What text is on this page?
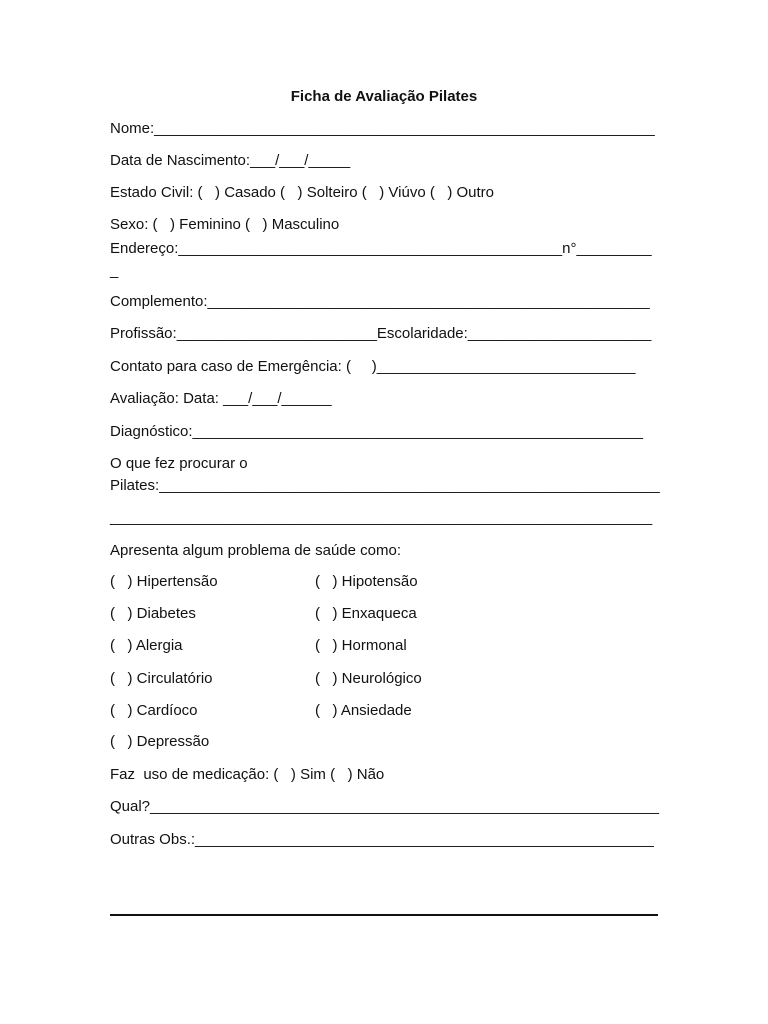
Ficha de Avaliação Pilates
Nome:____________________________________________________________
Data de Nascimento:___/___/_____
Estado Civil: (   ) Casado (   ) Solteiro (   ) Viúvo (   ) Outro
Sexo: (   ) Feminino (   ) Masculino
Endereço:______________________________________________n°_________
_
Complemento:_____________________________________________________
Profissão:________________________Escolaridade:______________________
Contato para caso de Emergência: (     )_______________________________
Avaliação: Data: ___/___/______
Diagnóstico:______________________________________________________
O que fez procurar o
Pilates:____________________________________________________________
_________________________________________________________________
Apresenta algum problema de saúde como:
(   ) Hipertensão
(   ) Diabetes
(   ) Alergia
(   ) Circulatório
(   ) Cardíoco
(   ) Depressão
(   ) Hipotensão
(   ) Enxaqueca
(   ) Hormonal
(   ) Neurológico
(   ) Ansiedade
Faz  uso de medicação: (   ) Sim (   ) Não
Qual?_____________________________________________________________
Outras Obs.:_______________________________________________________
